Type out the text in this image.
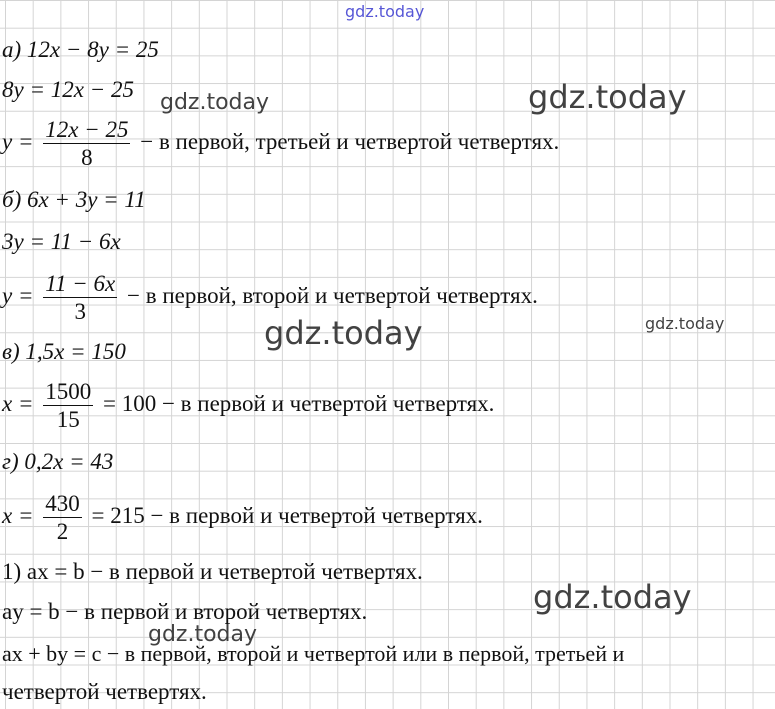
gdz.today
а) 12x − 8y = 25
8y = 12x − 25
gdz.today	gdz.today
$y = \frac{12x - 25}{8} - в$ первой, третьей и четвертой четвертях.
б) 6x + 3y = 11
3y = 11 − 6x
$y = \frac{11 - 6x}{3} - в$ первой, второй и четвертой четвертях.
gdz.today	gdz.today
в) 1,5x = 150
$x = \frac{1500}{15} = 100 - в$ первой и четвертой четвертях.
г) 0,2x = 43
$x = \frac{430}{2} = 215 - в$ первой и четвертой четвертях.
1) ax = b − в первой и четвертой четвертях.
gdz.today
ay = b − в первой и второй четвертях.
gdz.today
ax + by = c − в первой, второй и четвертой или в первой, третьей и
четвертой четвертях.
